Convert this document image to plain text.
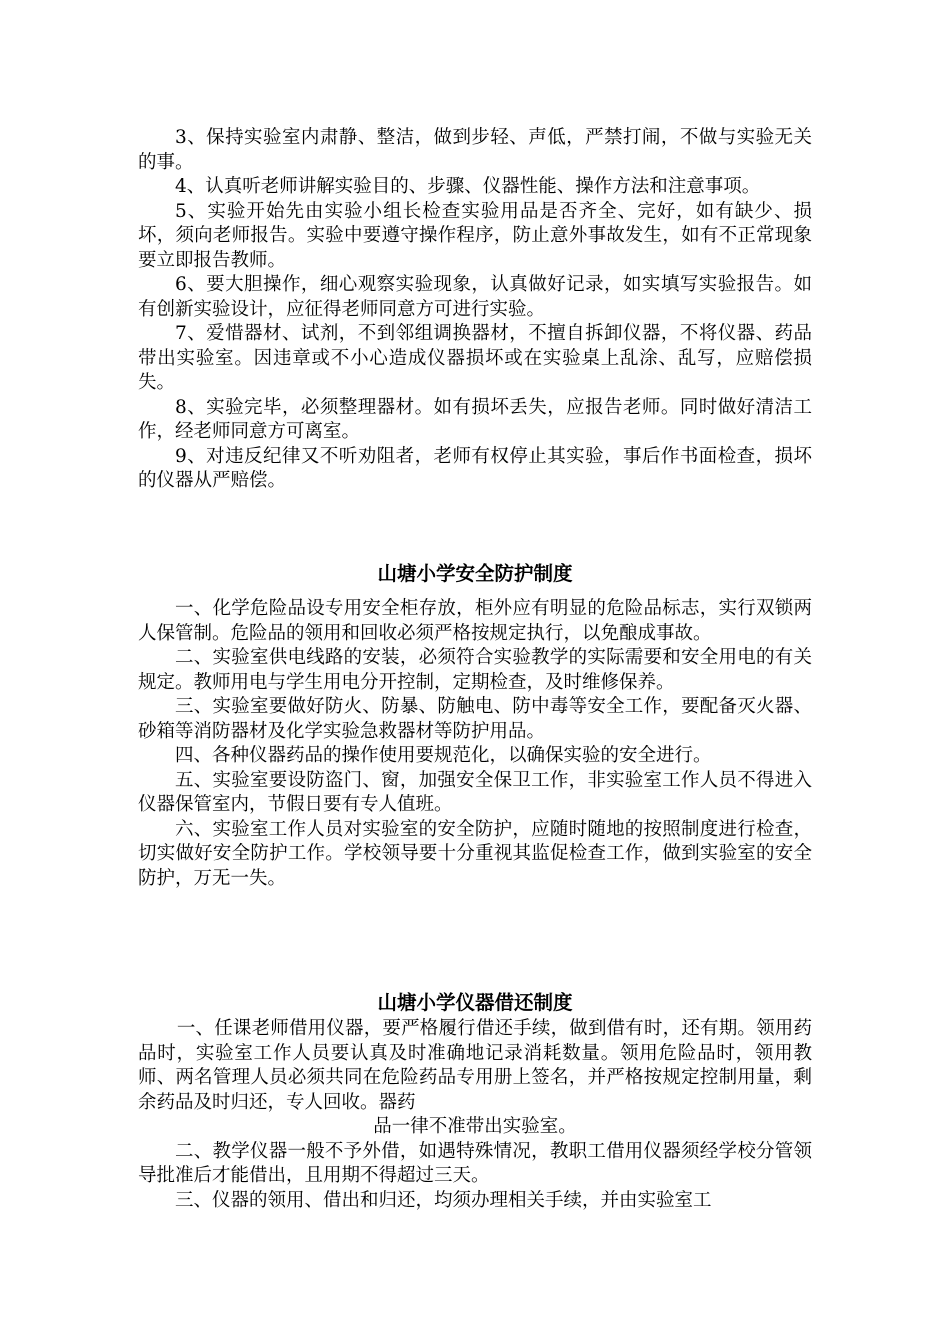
3、保持实验室内肃静、整洁，做到步轻、声低，严禁打闹，不做与实验无关的事。

4、认真听老师讲解实验目的、步骤、仪器性能、操作方法和注意事项。

5、实验开始先由实验小组长检查实验用品是否齐全、完好，如有缺少、损坏，须向老师报告。实验中要遵守操作程序，防止意外事故发生，如有不正常现象要立即报告教师。

6、要大胆操作，细心观察实验现象，认真做好记录，如实填写实验报告。如有创新实验设计，应征得老师同意方可进行实验。

7、爱惜器材、试剂，不到邻组调换器材，不擅自拆卸仪器，不将仪器、药品带出实验室。因违章或不小心造成仪器损坏或在实验桌上乱涂、乱写，应赔偿损失。

8、实验完毕，必须整理器材。如有损坏丢失，应报告老师。同时做好清洁工作，经老师同意方可离室。

9、对违反纪律又不听劝阻者，老师有权停止其实验，事后作书面检查，损坏的仪器从严赔偿。

山塘小学安全防护制度

一、化学危险品设专用安全柜存放，柜外应有明显的危险品标志，实行双锁两人保管制。危险品的领用和回收必须严格按规定执行，以免酿成事故。

二、实验室供电线路的安装，必须符合实验教学的实际需要和安全用电的有关规定。教师用电与学生用电分开控制，定期检查，及时维修保养。

三、实验室要做好防火、防暴、防触电、防中毒等安全工作，要配备灭火器、砂箱等消防器材及化学实验急救器材等防护用品。

四、各种仪器药品的操作使用要规范化，以确保实验的安全进行。

五、实验室要设防盗门、窗，加强安全保卫工作，非实验室工作人员不得进入仪器保管室内，节假日要有专人值班。

六、实验室工作人员对实验室的安全防护，应随时随地的按照制度进行检查，切实做好安全防护工作。学校领导要十分重视其监促检查工作，做到实验室的安全防护，万无一失。

山塘小学仪器借还制度

一、任课老师借用仪器，要严格履行借还手续，做到借有时，还有期。领用药品时，实验室工作人员要认真及时准确地记录消耗数量。领用危险品时，领用教师、两名管理人员必须共同在危险药品专用册上签名，并严格按规定控制用量，剩余药品及时归还，专人回收。器药

品一律不准带出实验室。

二、教学仪器一般不予外借，如遇特殊情况，教职工借用仪器须经学校分管领导批准后才能借出，且用期不得超过三天。

三、仪器的领用、借出和归还，均须办理相关手续，并由实验室工
